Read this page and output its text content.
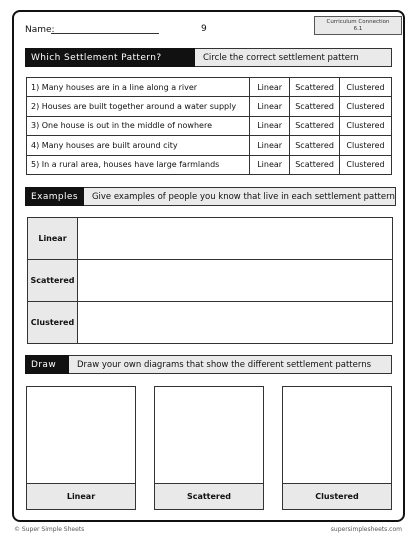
Name:	9
Curriculum Connection
6.1
Which Settlement Pattern?	Circle the correct settlement pattern
1) Many houses are in a line along a river	Linear	Scattered	Clustered
2) Houses are built together around a water supply	Linear	Scattered	Clustered
3) One house is out in the middle of nowhere	Linear	Scattered	Clustered
4) Many houses are built around city	Linear	Scattered	Clustered
5) In a rural area, houses have large farmlands	Linear	Scattered	Clustered
Examples	Give examples of people you know that live in each settlement pattern
Linear	
Scattered	
Clustered	
Draw	Draw your own diagrams that show the different settlement patterns
Linear	Scattered	Clustered
© Super Simple Sheets	supersimplesheets.com
